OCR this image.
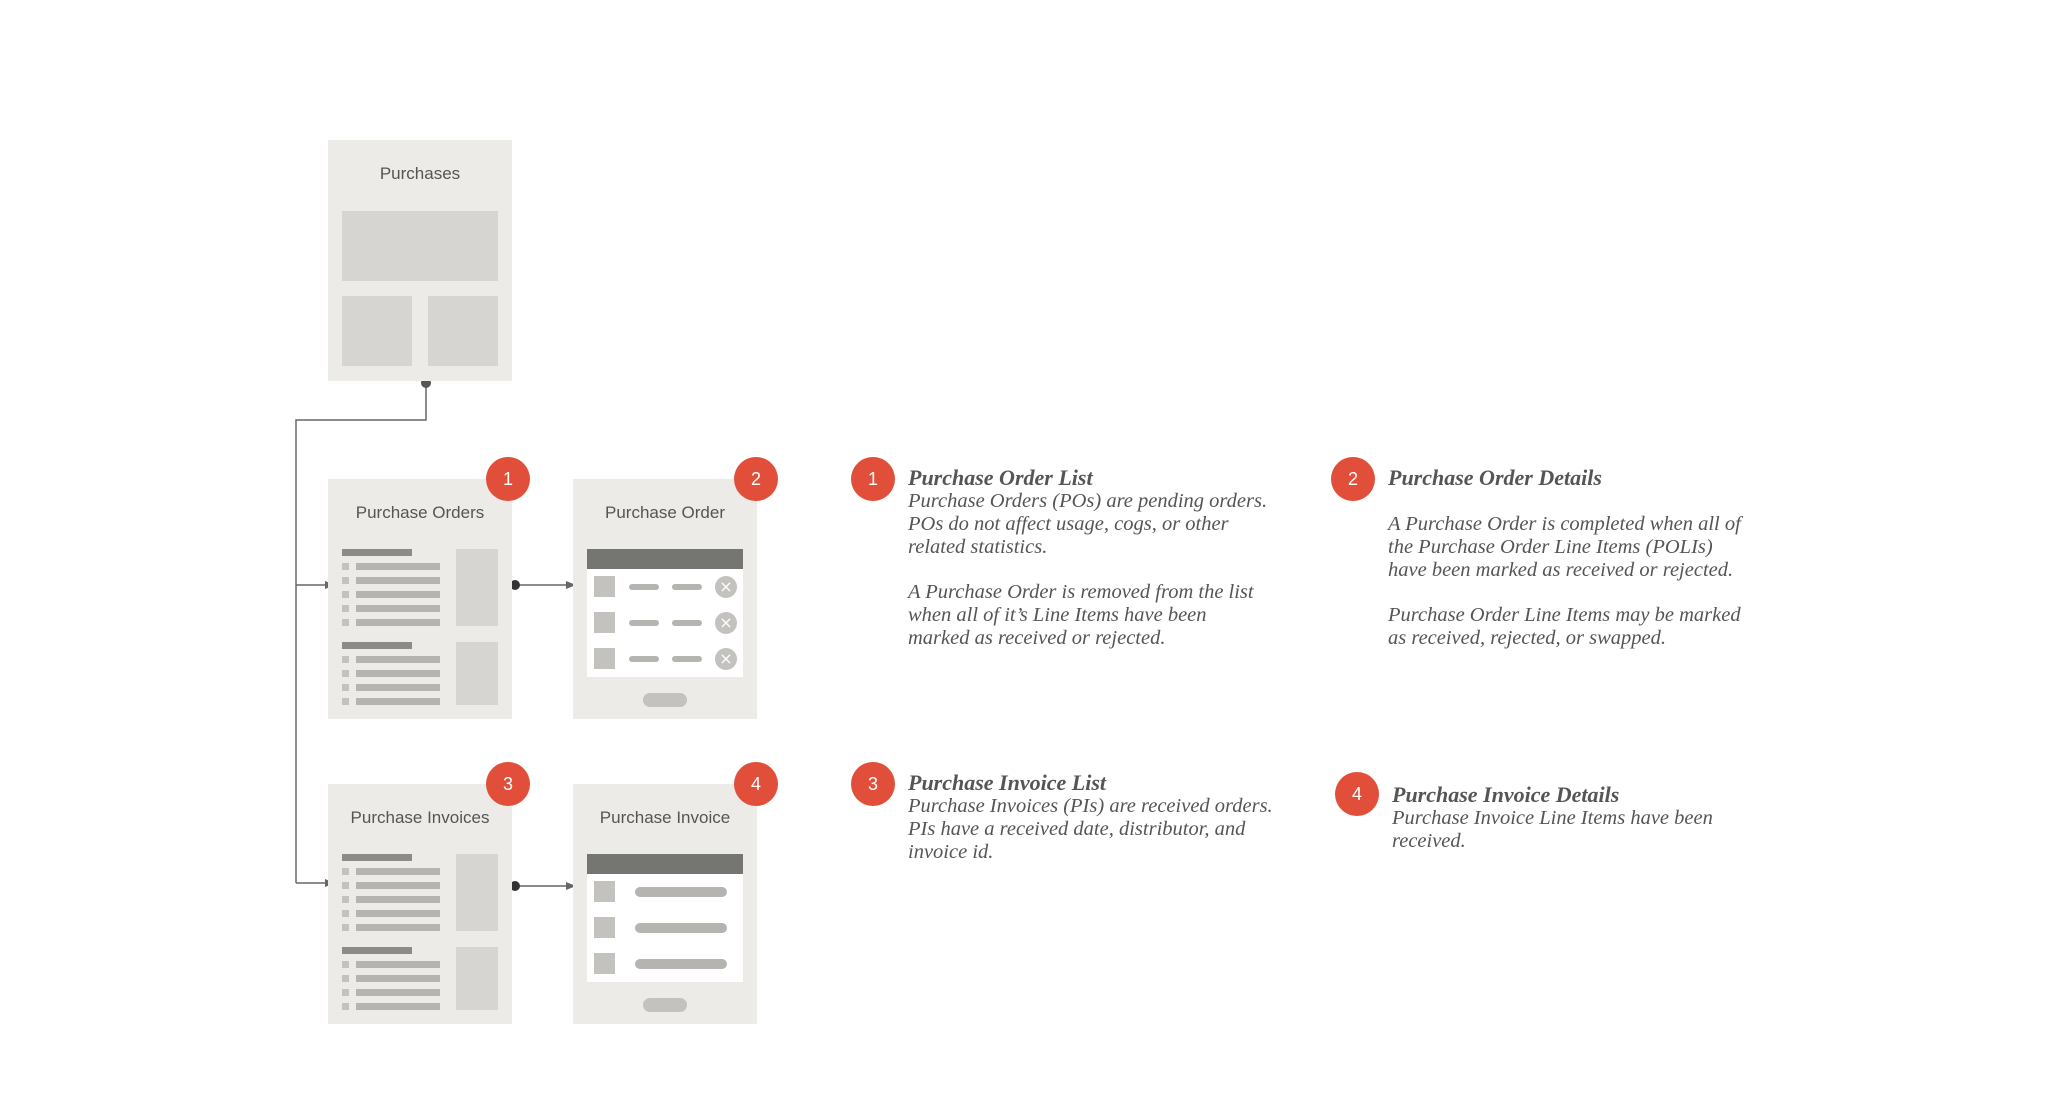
Purchases
Purchase Orders
1
Purchase Order
×
×
×
2
Purchase Invoices
3
Purchase Invoice
4
1	Purchase Order List

Purchase Orders (POs) are pending orders.
POs do not affect usage, cogs, or other
related statistics.

A Purchase Order is removed from the list
when all of it’s Line Items have been
marked as received or rejected.

2	Purchase Order Details

A Purchase Order is completed when all of
the Purchase Order Line Items (POLIs)
have been marked as received or rejected.

Purchase Order Line Items may be marked
as received, rejected, or swapped.

3	Purchase Invoice List

Purchase Invoices (PIs) are received orders.
PIs have a received date, distributor, and
invoice id.

4	Purchase Invoice Details

Purchase Invoice Line Items have been
received.
